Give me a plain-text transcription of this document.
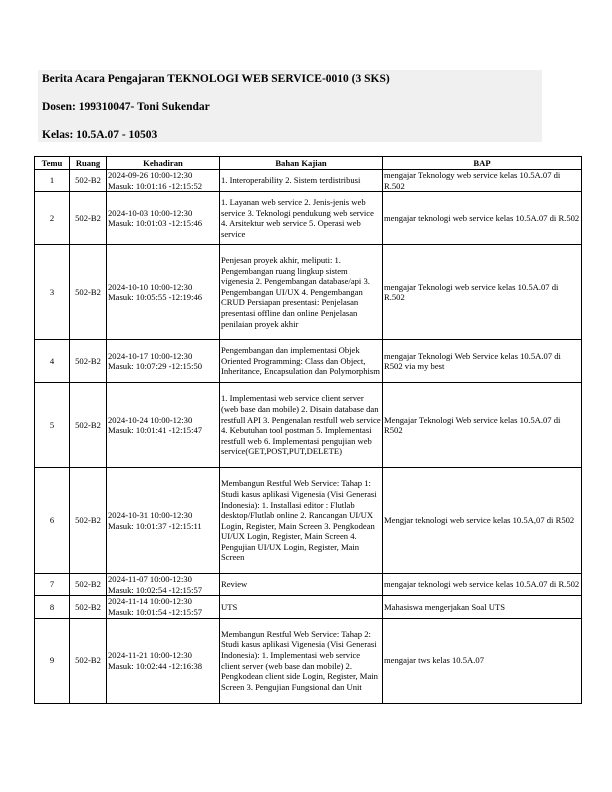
Berita Acara Pengajaran TEKNOLOGI WEB SERVICE-0010 (3 SKS)
Dosen: 199310047- Toni Sukendar
Kelas: 10.5A.07 - 10503
Temu	Ruang	Kehadiran	Bahan Kajian	BAP
1	502-B2	2024-09-26 10:00-12:30
Masuk: 10:01:16 -12:15:52	1. Interoperability 2. Sistem terdistribusi	mengajar Teknology web service kelas 10.5A.07 di R.502
2	502-B2	2024-10-03 10:00-12:30
Masuk: 10:01:03 -12:15:46	1. Layanan web service 2. Jenis-jenis web service 3. Teknologi pendukung web service 4. Arsitektur web service 5. Operasi web service	mengajar teknologi web service kelas 10.5A.07 di R.502
3	502-B2	2024-10-10 10:00-12:30
Masuk: 10:05:55 -12:19:46	Penjesan proyek akhir, meliputi: 1. Pengembangan ruang lingkup sistem vigenesia 2. Pengembangan database/api 3. Pengembangan UI/UX 4. Pengembangan CRUD Persiapan presentasi: Penjelasan presentasi offline dan online Penjelasan penilaian proyek akhir	mengajar Teknologi web service kelas 10.5A.07 di R.502
4	502-B2	2024-10-17 10:00-12:30
Masuk: 10:07:29 -12:15:50	Pengembangan dan implementasi Objek Oriented Programming: Class dan Object, Inheritance, Encapsulation dan Polymorphism	mengajar Teknologi Web Service kelas 10.5A.07 di R502 via my best
5	502-B2	2024-10-24 10:00-12:30
Masuk: 10:01:41 -12:15:47	1. Implementasi web service client server (web base dan mobile) 2. Disain database dan restfull API 3. Pengenalan restfull web service 4. Kebutuhan tool postman 5. Implementasi restfull web 6. Implementasi pengujian web service(GET,POST,PUT,DELETE)	Mengajar Teknologi Web service kelas 10.5A.07 di R502
6	502-B2	2024-10-31 10:00-12:30
Masuk: 10:01:37 -12:15:11	Membangun Restful Web Service: Tahap 1: Studi kasus aplikasi Vigenesia (Visi Generasi Indonesia): 1. Installasi editor : Flutlab desktop/Flutlab online 2. Rancangan UI/UX Login, Register, Main Screen 3. Pengkodean UI/UX Login, Register, Main Screen 4. Pengujian UI/UX Login, Register, Main Screen	Mengjar teknologi web service kelas 10.5A,07 di R502
7	502-B2	2024-11-07 10:00-12:30
Masuk: 10:02:54 -12:15:57	Review	mengajar teknologi web service kelas 10.5A.07 di R.502
8	502-B2	2024-11-14 10:00-12:30
Masuk: 10:01:54 -12:15:57	UTS	Mahasiswa mengerjakan Soal UTS
9	502-B2	2024-11-21 10:00-12:30
Masuk: 10:02:44 -12:16:38	Membangun Restful Web Service: Tahap 2: Studi kasus aplikasi Vigenesia (Visi Generasi Indonesia): 1. Implementasi web service client server (web base dan mobile) 2. Pengkodean client side Login, Register, Main Screen 3. Pengujian Fungsional dan Unit	mengajar tws kelas 10.5A.07
